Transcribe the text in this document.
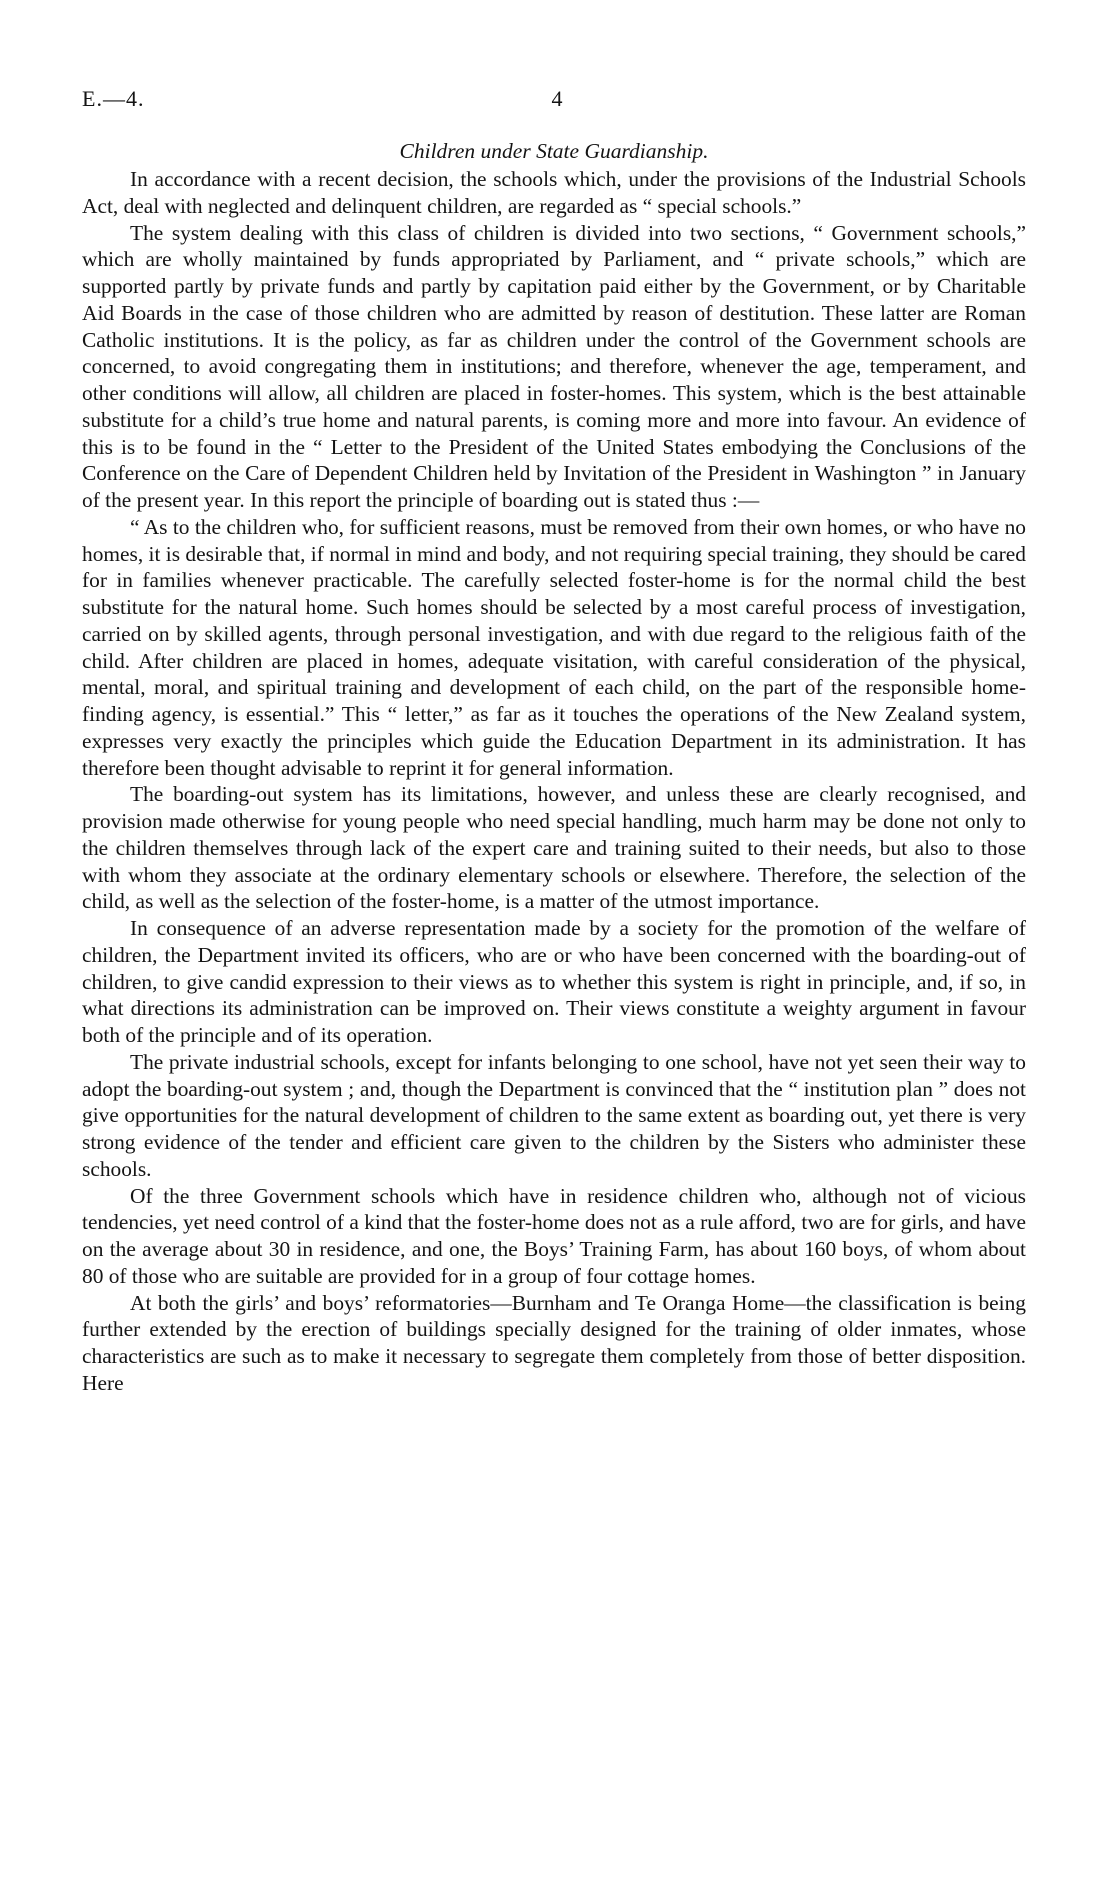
E.—4.	4

Children under State Guardianship.

In accordance with a recent decision, the schools which, under the provisions of the Industrial Schools Act, deal with neglected and delinquent children, are regarded as “ special schools.”

The system dealing with this class of children is divided into two sections, “ Government schools,” which are wholly maintained by funds appropriated by Parliament, and “ private schools,” which are supported partly by private funds and partly by capitation paid either by the Government, or by Charitable Aid Boards in the case of those children who are admitted by reason of destitution. These latter are Roman Catholic institutions. It is the policy, as far as children under the control of the Government schools are concerned, to avoid congregating them in institutions; and therefore, whenever the age, temperament, and other conditions will allow, all children are placed in foster-homes. This system, which is the best attainable substitute for a child’s true home and natural parents, is coming more and more into favour. An evidence of this is to be found in the “ Letter to the President of the United States embodying the Conclusions of the Conference on the Care of Dependent Children held by Invitation of the President in Washington ” in January of the present year. In this report the principle of boarding out is stated thus :—

“ As to the children who, for sufficient reasons, must be removed from their own homes, or who have no homes, it is desirable that, if normal in mind and body, and not requiring special training, they should be cared for in families whenever practicable. The carefully selected foster-home is for the normal child the best substitute for the natural home. Such homes should be selected by a most careful process of investigation, carried on by skilled agents, through personal investigation, and with due regard to the religious faith of the child. After children are placed in homes, adequate visitation, with careful consideration of the physical, mental, moral, and spiritual training and development of each child, on the part of the responsible home-finding agency, is essential.” This “ letter,” as far as it touches the operations of the New Zealand system, expresses very exactly the principles which guide the Education Department in its administration. It has therefore been thought advisable to reprint it for general information.

The boarding-out system has its limitations, however, and unless these are clearly recognised, and provision made otherwise for young people who need special handling, much harm may be done not only to the children themselves through lack of the expert care and training suited to their needs, but also to those with whom they associate at the ordinary elementary schools or elsewhere. Therefore, the selection of the child, as well as the selection of the foster-home, is a matter of the utmost importance.

In consequence of an adverse representation made by a society for the promotion of the welfare of children, the Department invited its officers, who are or who have been concerned with the boarding-out of children, to give candid expression to their views as to whether this system is right in principle, and, if so, in what directions its administration can be improved on. Their views constitute a weighty argument in favour both of the principle and of its operation.

The private industrial schools, except for infants belonging to one school, have not yet seen their way to adopt the boarding-out system ; and, though the Department is convinced that the “ institution plan ” does not give opportunities for the natural development of children to the same extent as boarding out, yet there is very strong evidence of the tender and efficient care given to the children by the Sisters who administer these schools.

Of the three Government schools which have in residence children who, although not of vicious tendencies, yet need control of a kind that the foster-home does not as a rule afford, two are for girls, and have on the average about 30 in residence, and one, the Boys’ Training Farm, has about 160 boys, of whom about 80 of those who are suitable are provided for in a group of four cottage homes.

At both the girls’ and boys’ reformatories—Burnham and Te Oranga Home—the classification is being further extended by the erection of buildings specially designed for the training of older inmates, whose characteristics are such as to make it necessary to segregate them completely from those of better disposition. Here
